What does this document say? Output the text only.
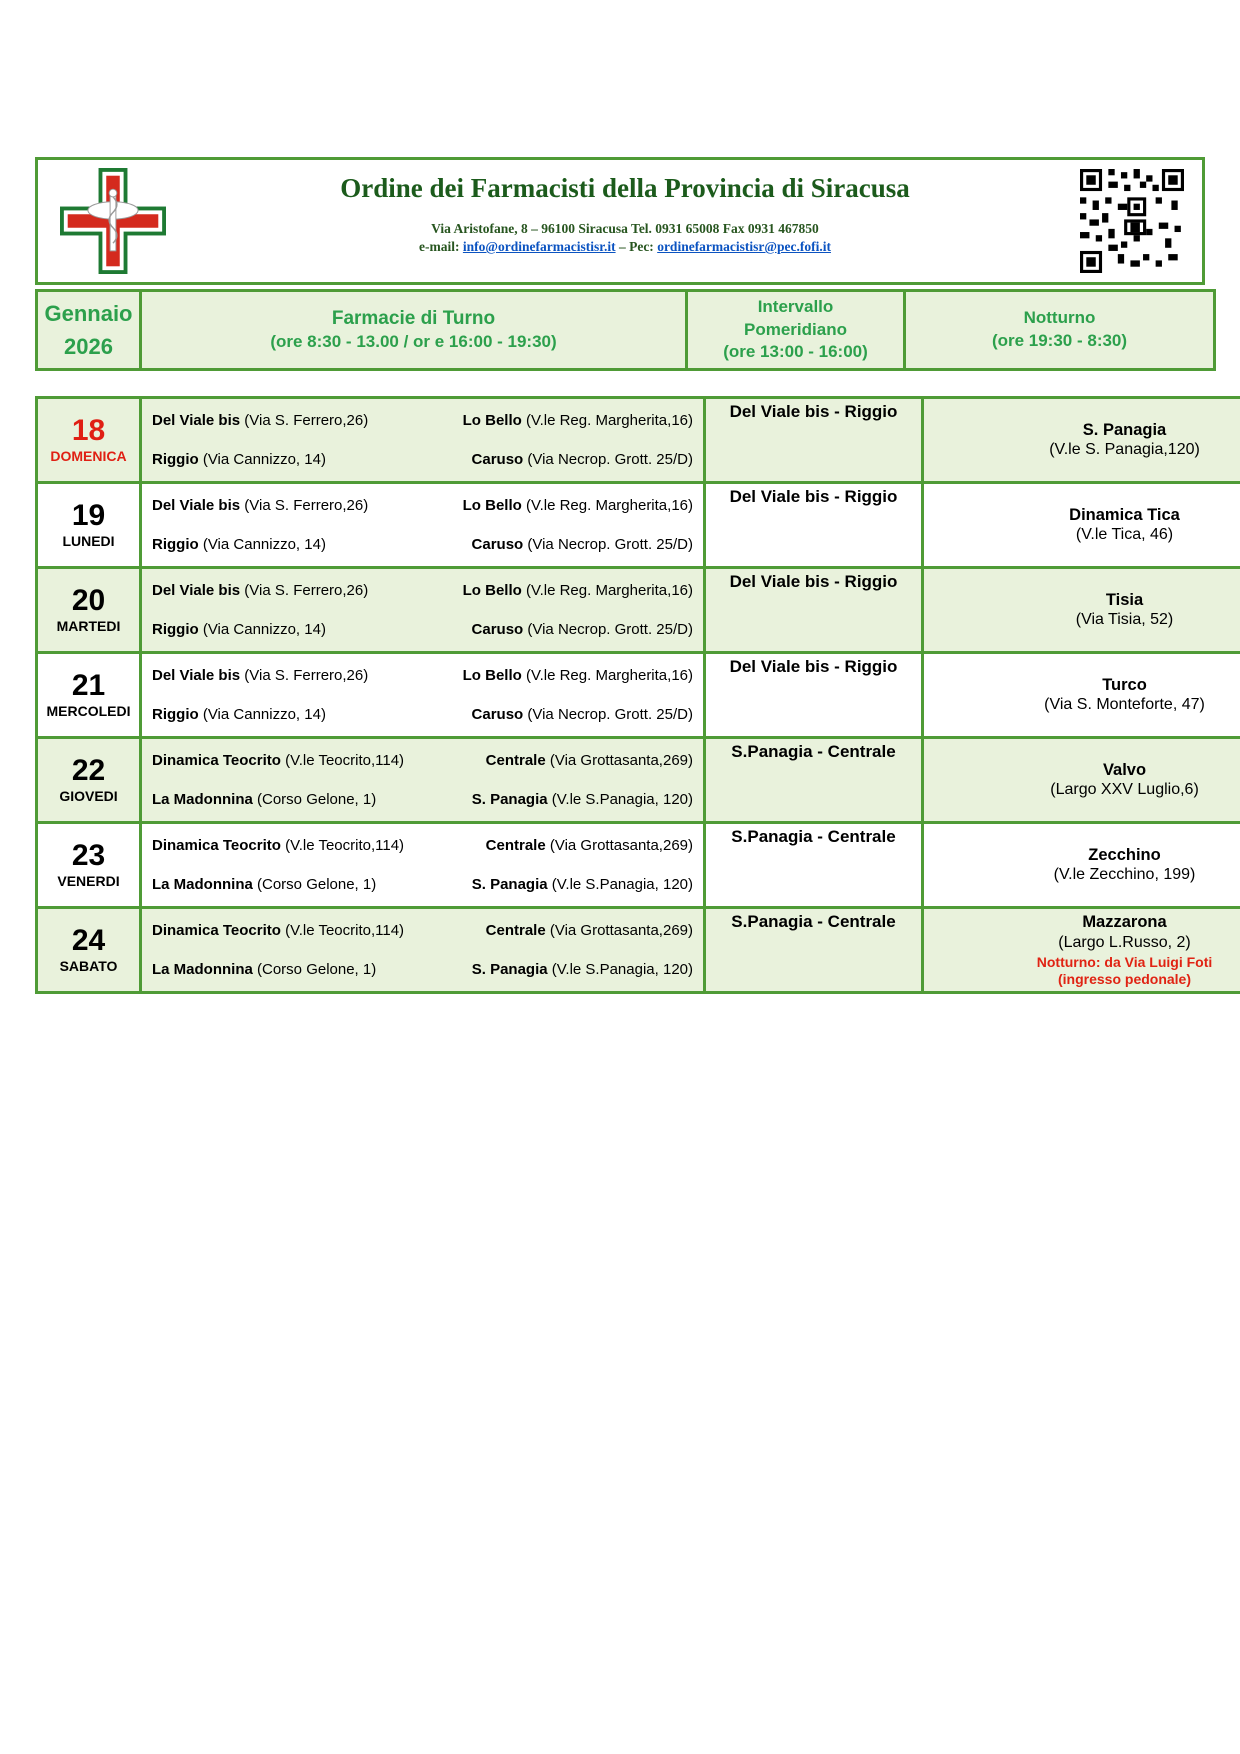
Ordine dei Farmacisti della Provincia di Siracusa
Via Aristofane, 8 – 96100 Siracusa Tel. 0931 65008 Fax 0931 467850
e-mail: info@ordinefarmacistisr.it – Pec: ordinefarmacistisr@pec.fofi.it
Gennaio
2026

Farmacie di Turno
(ore 8:30 - 13.00 / or e 16:00 - 19:30)

Intervallo
Pomeridiano
(ore 13:00 - 16:00)

Notturno
(ore 19:30 - 8:30)
18
DOMENICA

Del Viale bis (Via S. Ferrero,26)	Lo Bello (V.le Reg. Margherita,16)
Riggio (Via Cannizzo, 14)	Caruso (Via Necrop. Grott. 25/D)
	Del Viale bis - Riggio	
S. Panagia
(V.le S. Panagia,120)

19
LUNEDI

Del Viale bis (Via S. Ferrero,26)	Lo Bello (V.le Reg. Margherita,16)
Riggio (Via Cannizzo, 14)	Caruso (Via Necrop. Grott. 25/D)
	Del Viale bis - Riggio	
Dinamica Tica
(V.le Tica, 46)

20
MARTEDI

Del Viale bis (Via S. Ferrero,26)	Lo Bello (V.le Reg. Margherita,16)
Riggio (Via Cannizzo, 14)	Caruso (Via Necrop. Grott. 25/D)
	Del Viale bis - Riggio	
Tisia
(Via Tisia, 52)

21
MERCOLEDI

Del Viale bis (Via S. Ferrero,26)	Lo Bello (V.le Reg. Margherita,16)
Riggio (Via Cannizzo, 14)	Caruso (Via Necrop. Grott. 25/D)
	Del Viale bis - Riggio	
Turco
(Via S. Monteforte, 47)

22
GIOVEDI

Dinamica Teocrito (V.le Teocrito,114)	Centrale (Via Grottasanta,269)
La Madonnina (Corso Gelone, 1)	S. Panagia (V.le S.Panagia, 120)
	S.Panagia - Centrale	
Valvo
(Largo XXV Luglio,6)

23
VENERDI

Dinamica Teocrito (V.le Teocrito,114)	Centrale (Via Grottasanta,269)
La Madonnina (Corso Gelone, 1)	S. Panagia (V.le S.Panagia, 120)
	S.Panagia - Centrale	
Zecchino
(V.le Zecchino, 199)

24
SABATO

Dinamica Teocrito (V.le Teocrito,114)	Centrale (Via Grottasanta,269)
La Madonnina (Corso Gelone, 1)	S. Panagia (V.le S.Panagia, 120)
	S.Panagia - Centrale	Mazzarona
(Largo L.Russo, 2)
Notturno: da Via Luigi Foti
(ingresso pedonale)
